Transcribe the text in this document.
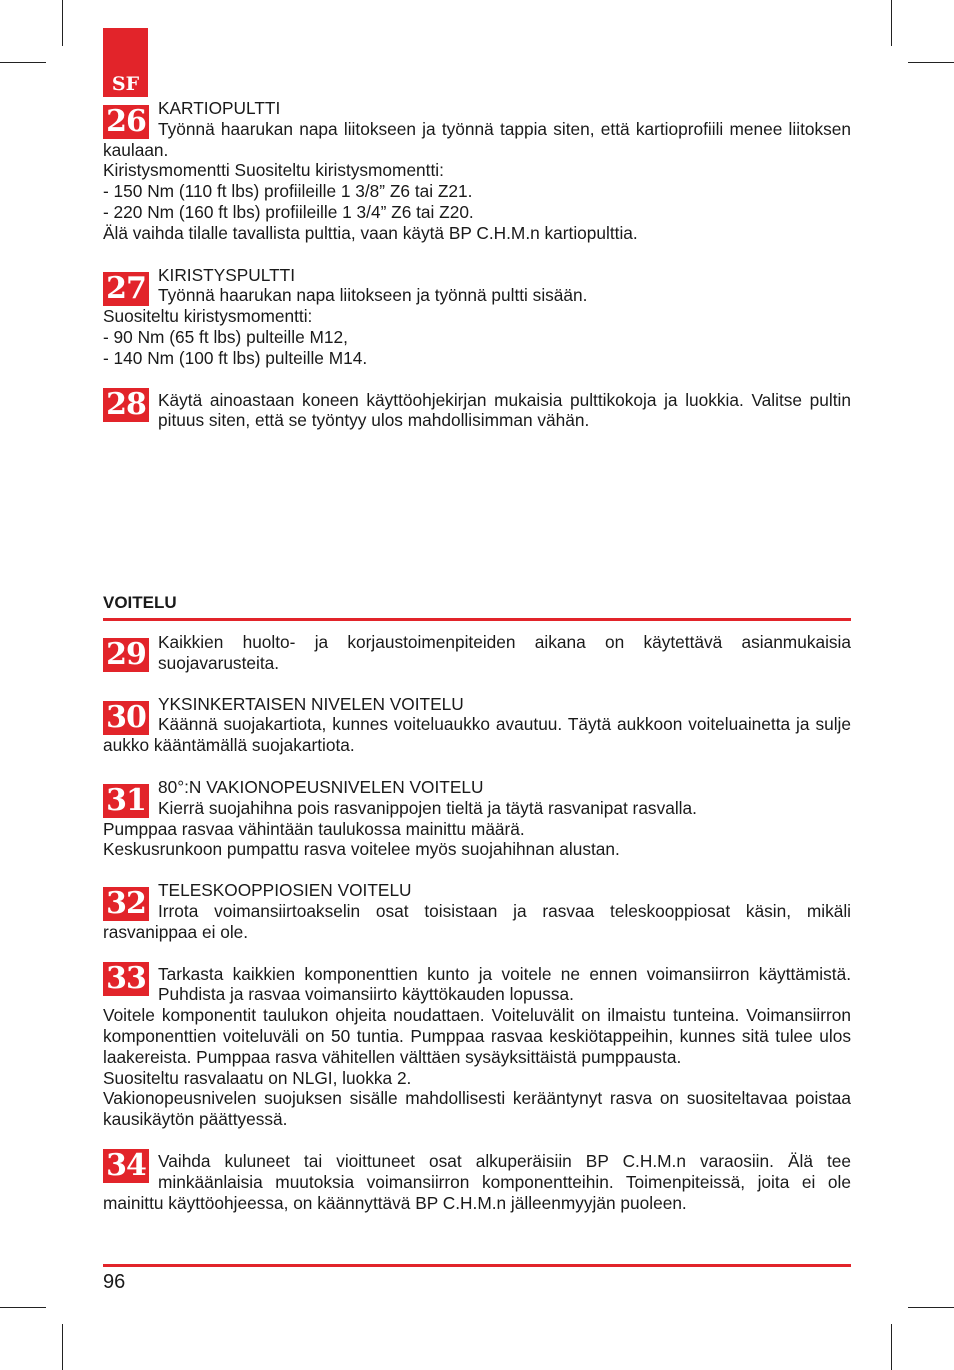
SF
26 KARTIOPULTTI

Työnnä haarukan napa liitokseen ja työnnä tappia siten, että kartioprofiili menee liitoksen kaulaan.

Kiristysmomentti Suositeltu kiristysmomentti:

- 150 Nm (110 ft lbs) profiileille 1 3/8” Z6 tai Z21.

- 220 Nm (160 ft lbs) profiileille 1 3/4” Z6 tai Z20.

Älä vaihda tilalle tavallista pulttia, vaan käytä BP C.H.M.n kartiopulttia.

27 KIRISTYSPULTTI

Työnnä haarukan napa liitokseen ja työnnä pultti sisään.

Suositeltu kiristysmomentti:

- 90 Nm (65 ft lbs) pulteille M12,

- 140 Nm (100 ft lbs) pulteille M14.

28 Käytä ainoastaan koneen käyttöohjekirjan mukaisia pulttikokoja ja luokkia. Valitse pultin pituus siten, että se työntyy ulos mahdollisimman vähän.

VOITELU
29 Kaikkien huolto- ja korjaustoimenpiteiden aikana on käytettävä asianmukaisia suojavarusteita.

30 YKSINKERTAISEN NIVELEN VOITELU

Käännä suojakartiota, kunnes voiteluaukko avautuu. Täytä aukkoon voiteluainetta ja sulje aukko kääntämällä suojakartiota.

31 80°:N VAKIONOPEUSNIVELEN VOITELU

Kierrä suojahihna pois rasvanippojen tieltä ja täytä rasvanipat rasvalla.

Pumppaa rasvaa vähintään taulukossa mainittu määrä.

Keskusrunkoon pumpattu rasva voitelee myös suojahihnan alustan.

32 TELESKOOPPIOSIEN VOITELU

Irrota voimansiirtoakselin osat toisistaan ja rasvaa teleskooppiosat käsin, mikäli rasvanippaa ei ole.

33 Tarkasta kaikkien komponenttien kunto ja voitele ne ennen voimansiirron käyttämistä. Puhdista ja rasvaa voimansiirto käyttökauden lopussa.

Voitele komponentit taulukon ohjeita noudattaen. Voiteluvälit on ilmaistu tunteina. Voimansiirron komponenttien voiteluväli on 50 tuntia. Pumppaa rasvaa keskiötappeihin, kunnes sitä tulee ulos laakereista. Pumppaa rasva vähitellen välttäen sysäyksittäistä pumppausta.

Suositeltu rasvalaatu on NLGI, luokka 2.

Vakionopeusnivelen suojuksen sisälle mahdollisesti kerääntynyt rasva on suositeltavaa poistaa kausikäytön päättyessä.

34 Vaihda kuluneet tai vioittuneet osat alkuperäisiin BP C.H.M.n varaosiin. Älä tee minkäänlaisia muutoksia voimansiirron komponentteihin. Toimenpiteissä, joita ei ole mainittu käyttöohjeessa, on käännyttävä BP C.H.M.n jälleenmyyjän puoleen.

96
